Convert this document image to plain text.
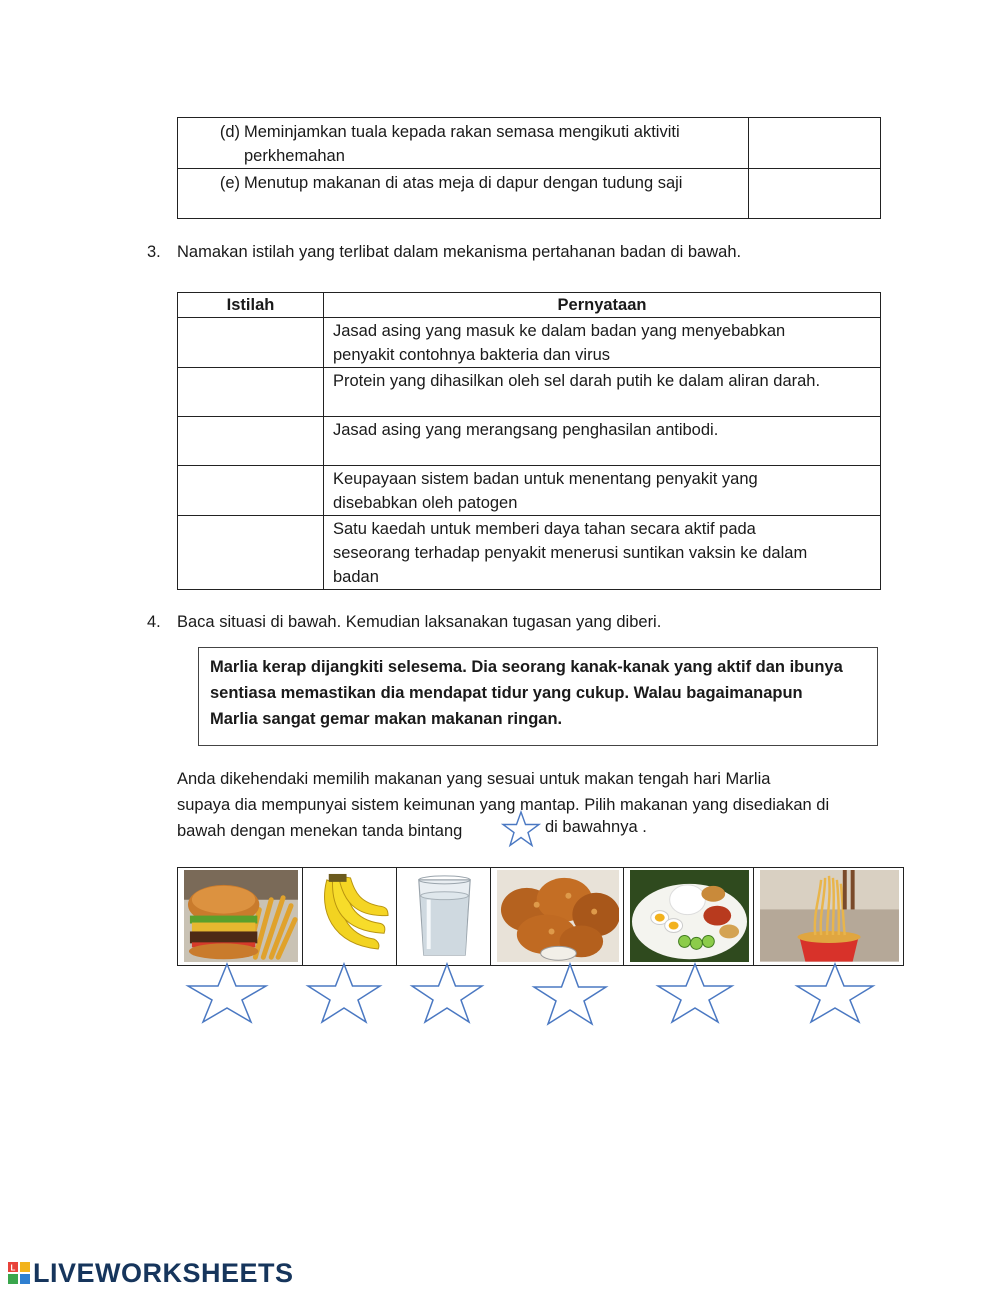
(d) Meminjamkan tuala kepada rakan semasa mengikuti aktiviti
perkhemahan	

(e) Menutup makanan di atas meja di dapur dengan tudung saji	

3. Namakan istilah yang terlibat dalam mekanisma pertahanan badan di bawah.
Istilah	Pernyataan

	Jasad asing yang masuk ke dalam badan yang menyebabkan
penyakit contohnya bakteria dan virus

	Protein yang dihasilkan oleh sel darah putih ke dalam aliran darah.

	Jasad asing yang merangsang penghasilan antibodi.

	Keupayaan sistem badan untuk menentang penyakit yang
disebabkan oleh patogen

	Satu kaedah untuk memberi daya tahan secara aktif pada
seseorang terhadap penyakit menerusi suntikan vaksin ke dalam
badan
4. Baca situasi di bawah. Kemudian laksanakan tugasan yang diberi.
Marlia kerap dijangkiti selesema. Dia seorang kanak-kanak yang aktif dan ibunya
sentiasa memastikan dia mendapat tidur yang cukup. Walau bagaimanapun
Marlia sangat gemar makan makanan ringan.
Anda dikehendaki memilih makanan yang sesuai untuk makan tengah hari Marlia
supaya dia mempunyai sistem keimunan yang mantap. Pilih makanan yang disediakan di
bawah dengan menekan tanda bintang	di bawahnya .
L LIVEWORKSHEETS
